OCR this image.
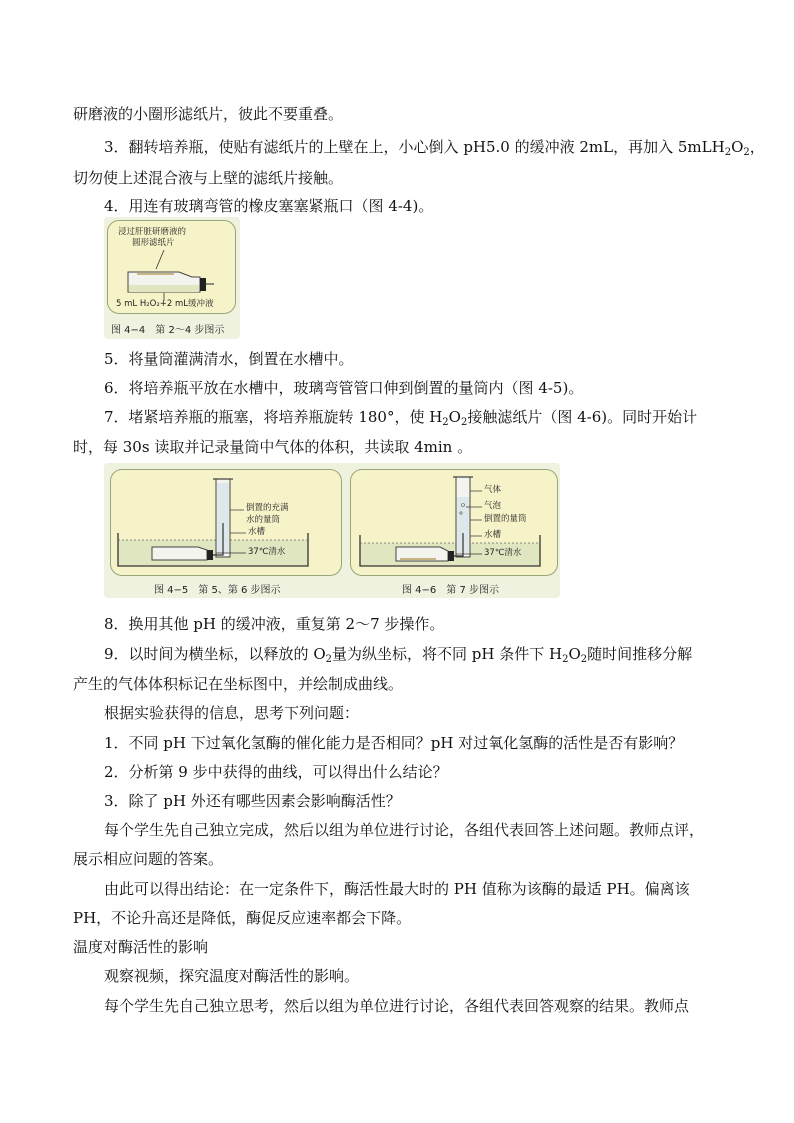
研磨液的小圈形滤纸片，彼此不要重叠。
3．翻转培养瓶，使贴有滤纸片的上壁在上，小心倒入 pH5.0 的缓冲液 2mL，再加入 $5mLH_2O_2$，
切勿使上述混合液与上壁的滤纸片接触。
4．用连有玻璃弯管的橡皮塞塞紧瓶口（图 4-4)。
浸过肝脏研磨液的
圆形滤纸片
5 mL H₂O₂+2 mL缓冲液
图 4−4　第 2～4 步图示
5．将量筒灌满清水，倒置在水槽中。
6．将培养瓶平放在水槽中，玻璃弯管管口伸到倒置的量筒内（图 4-5)。
7．堵紧培养瓶的瓶塞，将培养瓶旋转 180°，使 $H_2O_2$接触滤纸片（图 4-6)。同时开始计
时，每 30s 读取并记录量筒中气体的体积，共读取 4min 。
倒置的充满
水的量筒
水槽
37℃清水
气体
气泡
倒置的量筒
水槽
37℃清水
图 4−5　第 5、第 6 步图示	图 4−6　第 7 步图示
8．换用其他 pH 的缓冲液，重复第 2～7 步操作。
9．以时间为横坐标，以释放的 $O_2$量为纵坐标，将不同 pH 条件下 $H_2O_2$随时间推移分解
产生的气体体积标记在坐标图中，并绘制成曲线。
根据实验获得的信息，思考下列问题：
1．不同 pH 下过氧化氢酶的催化能力是否相同？pH 对过氧化氢酶的活性是否有影响？
2．分析第 9 步中获得的曲线，可以得出什么结论？
3．除了 pH 外还有哪些因素会影响酶活性？
每个学生先自己独立完成，然后以组为单位进行讨论，各组代表回答上述问题。教师点评，
展示相应问题的答案。
由此可以得出结论：在一定条件下，酶活性最大时的 PH 值称为该酶的最适 PH。偏离该
PH，不论升高还是降低，酶促反应速率都会下降。
温度对酶活性的影响
观察视频，探究温度对酶活性的影响。
每个学生先自己独立思考，然后以组为单位进行讨论，各组代表回答观察的结果。教师点
